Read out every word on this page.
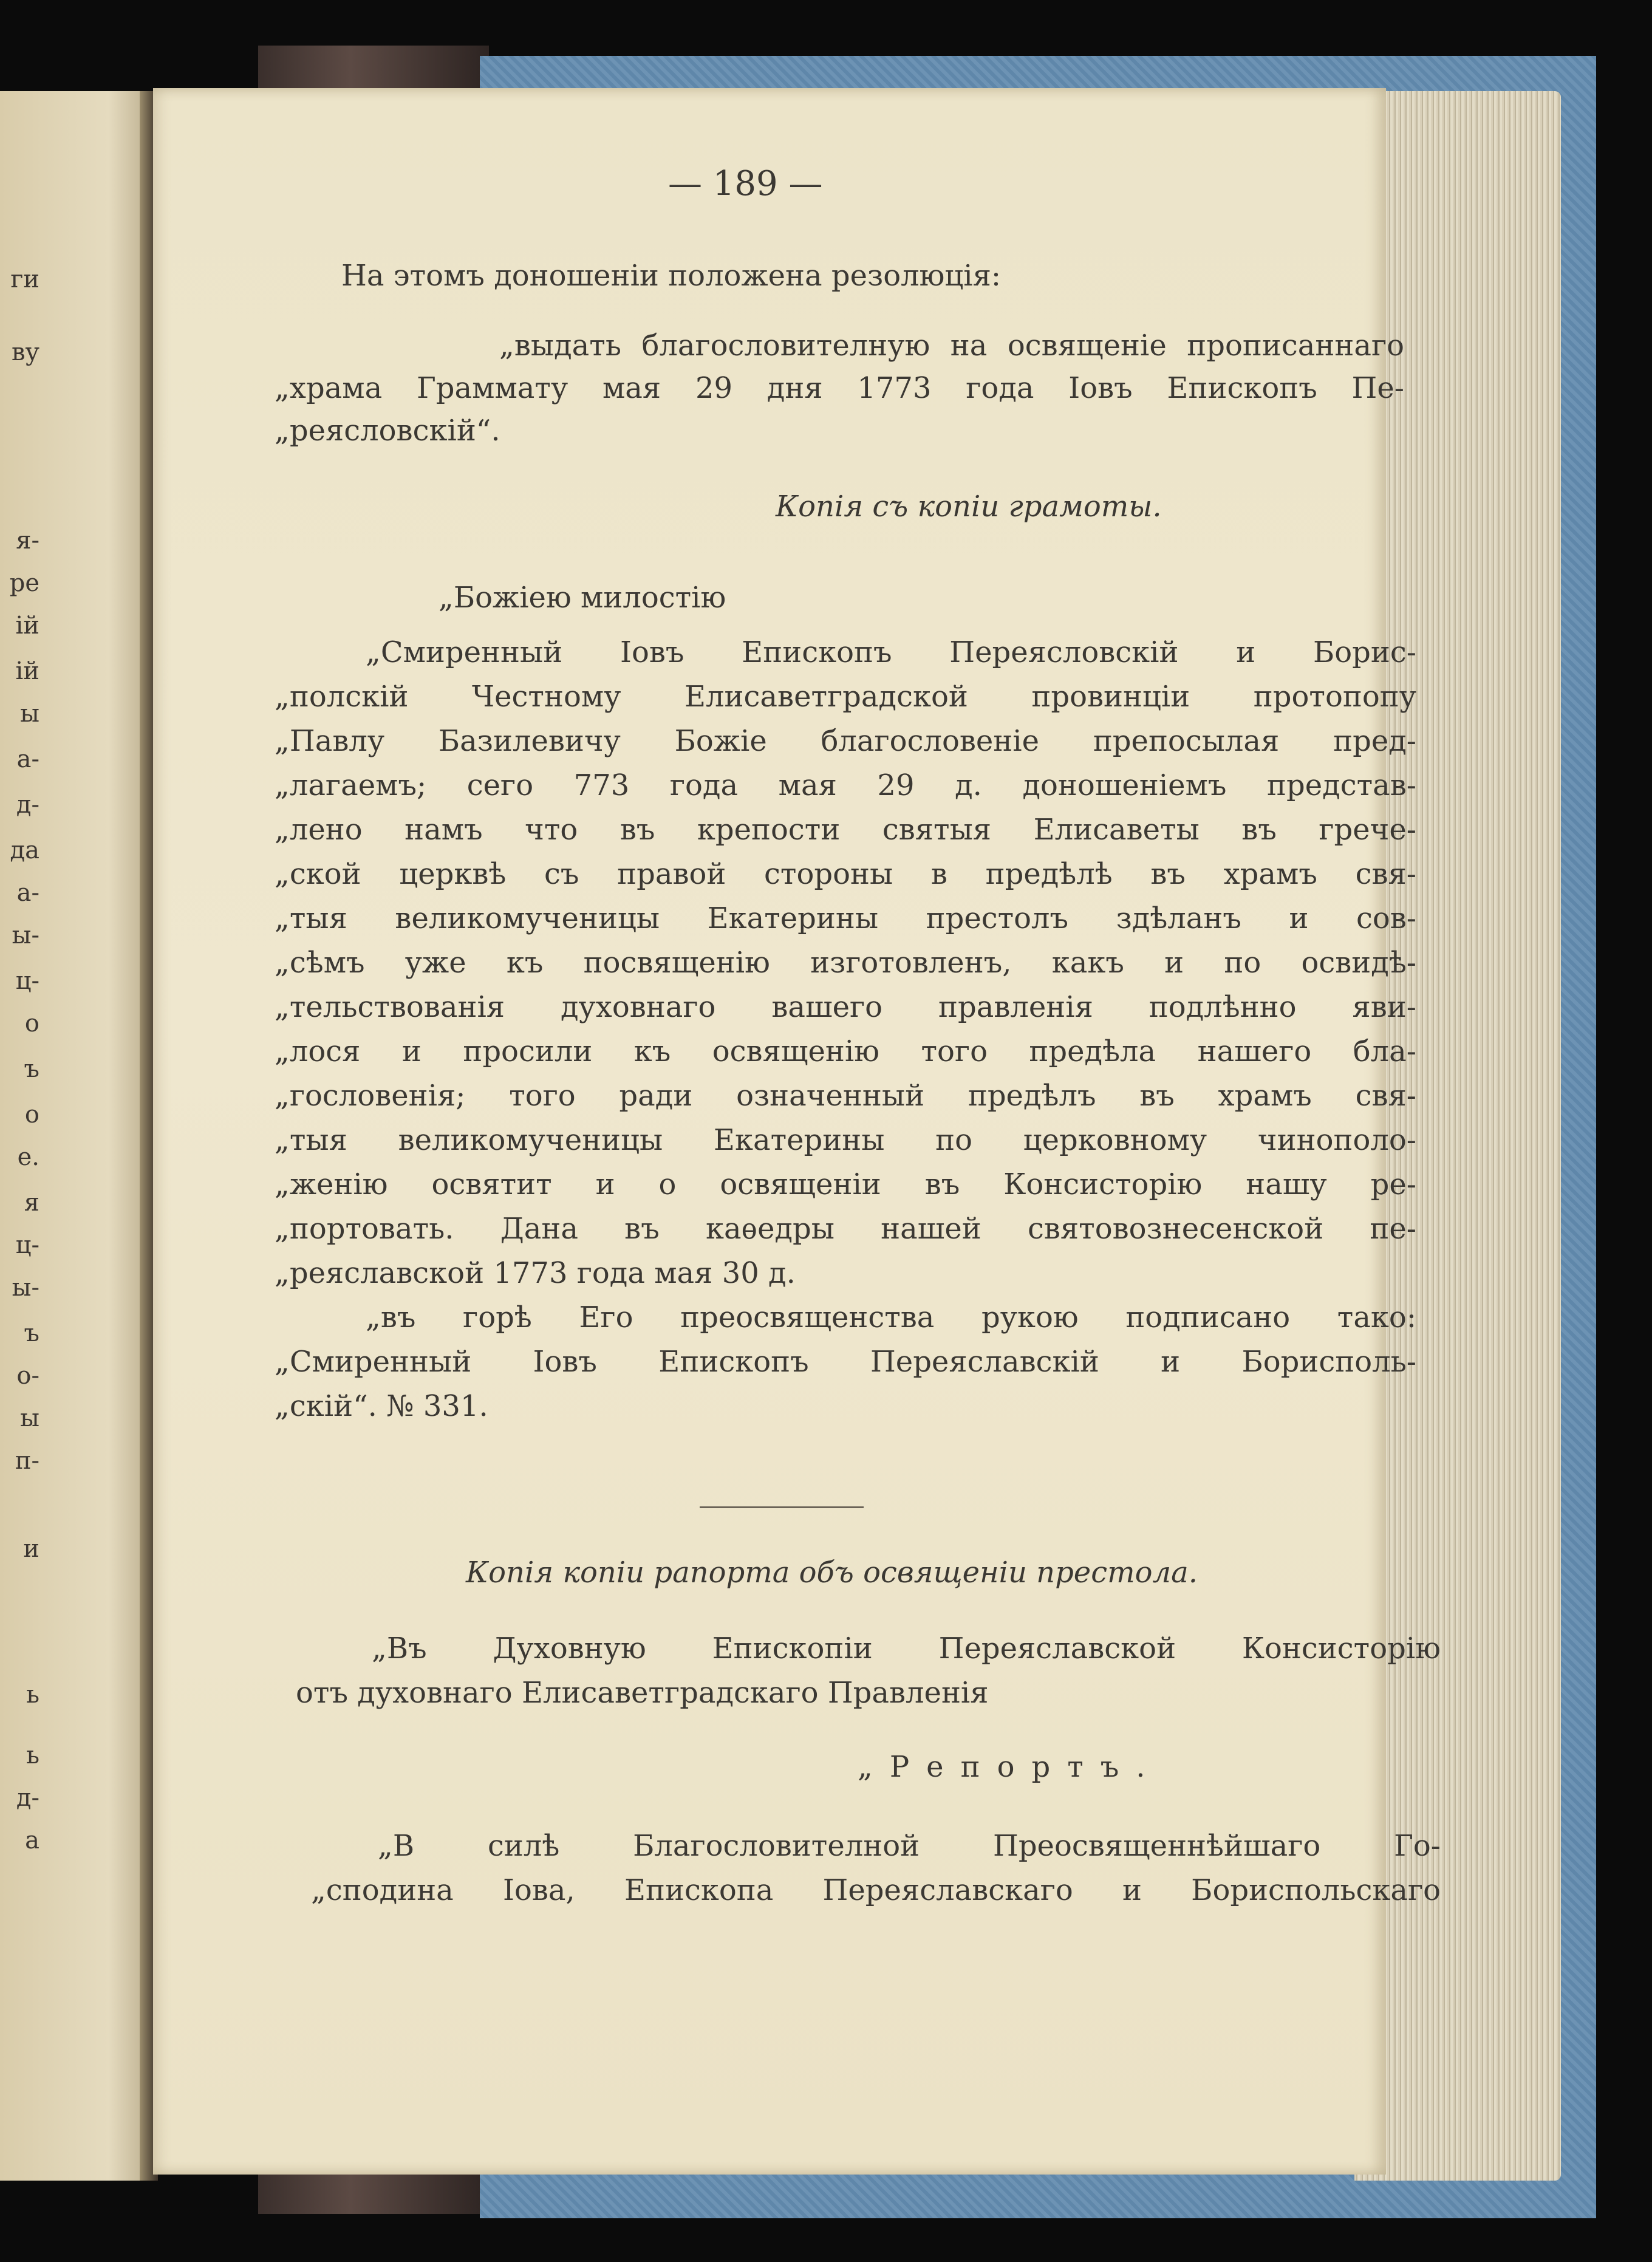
ги
ву
я-
ре
ій
ій
ы
а-
д-
да
а-
ы-
ц-
о
ъ
о
е.
я
ц-
ы-
ъ
о-
ы
п-
и
ь
ь
д-
а
— 189 —
На этомъ доношеніи положена резолюція:
„выдать благословителную на освященіе прописаннаго
„храма Граммату мая 29 дня 1773 года Іовъ Епископъ Пе-
„реясловскій“.
Копія съ копіи грамоты.
„Божіею милостію
„Смиренный Іовъ Епископъ Переясловскій и Борис-
„полскій Честному Елисаветградской провинціи протопопу
„Павлу Базилевичу Божіе благословеніе препосылая пред-
„лагаемъ; сего 773 года мая 29 д. доношеніемъ представ-
„лено намъ что въ крепости святыя Елисаветы въ грече-
„ской церквѣ съ правой стороны в предѣлѣ въ храмъ свя-
„тыя великомученицы Екатерины престолъ здѣланъ и сов-
„сѣмъ уже къ посвященію изготовленъ, какъ и по освидѣ-
„тельствованія духовнаго вашего правленія подлѣнно яви-
„лося и просили къ освященію того предѣла нашего бла-
„гословенія; того ради означенный предѣлъ въ храмъ свя-
„тыя великомученицы Екатерины по церковному чинополо-
„женію освятит и о освященіи въ Консисторію нашу ре-
„портовать. Дана въ каѳедры нашей святовознесенской пе-
„реяславской 1773 года мая 30 д.
„въ горѣ Его преосвященства рукою подписано тако:
„Смиренный Іовъ Епископъ Переяславскій и Борисполь-
„скій“. № 331.
Копія копіи рапорта объ освященіи престола.
„Въ Духовную Епископіи Переяславской Консисторію
отъ духовнаго Елисаветградскаго Правленія
„Репортъ.
„В силѣ Благословителной Преосвященнѣйшаго Го-
„сподина Іова, Епископа Переяславскаго и Бориспольскаго
